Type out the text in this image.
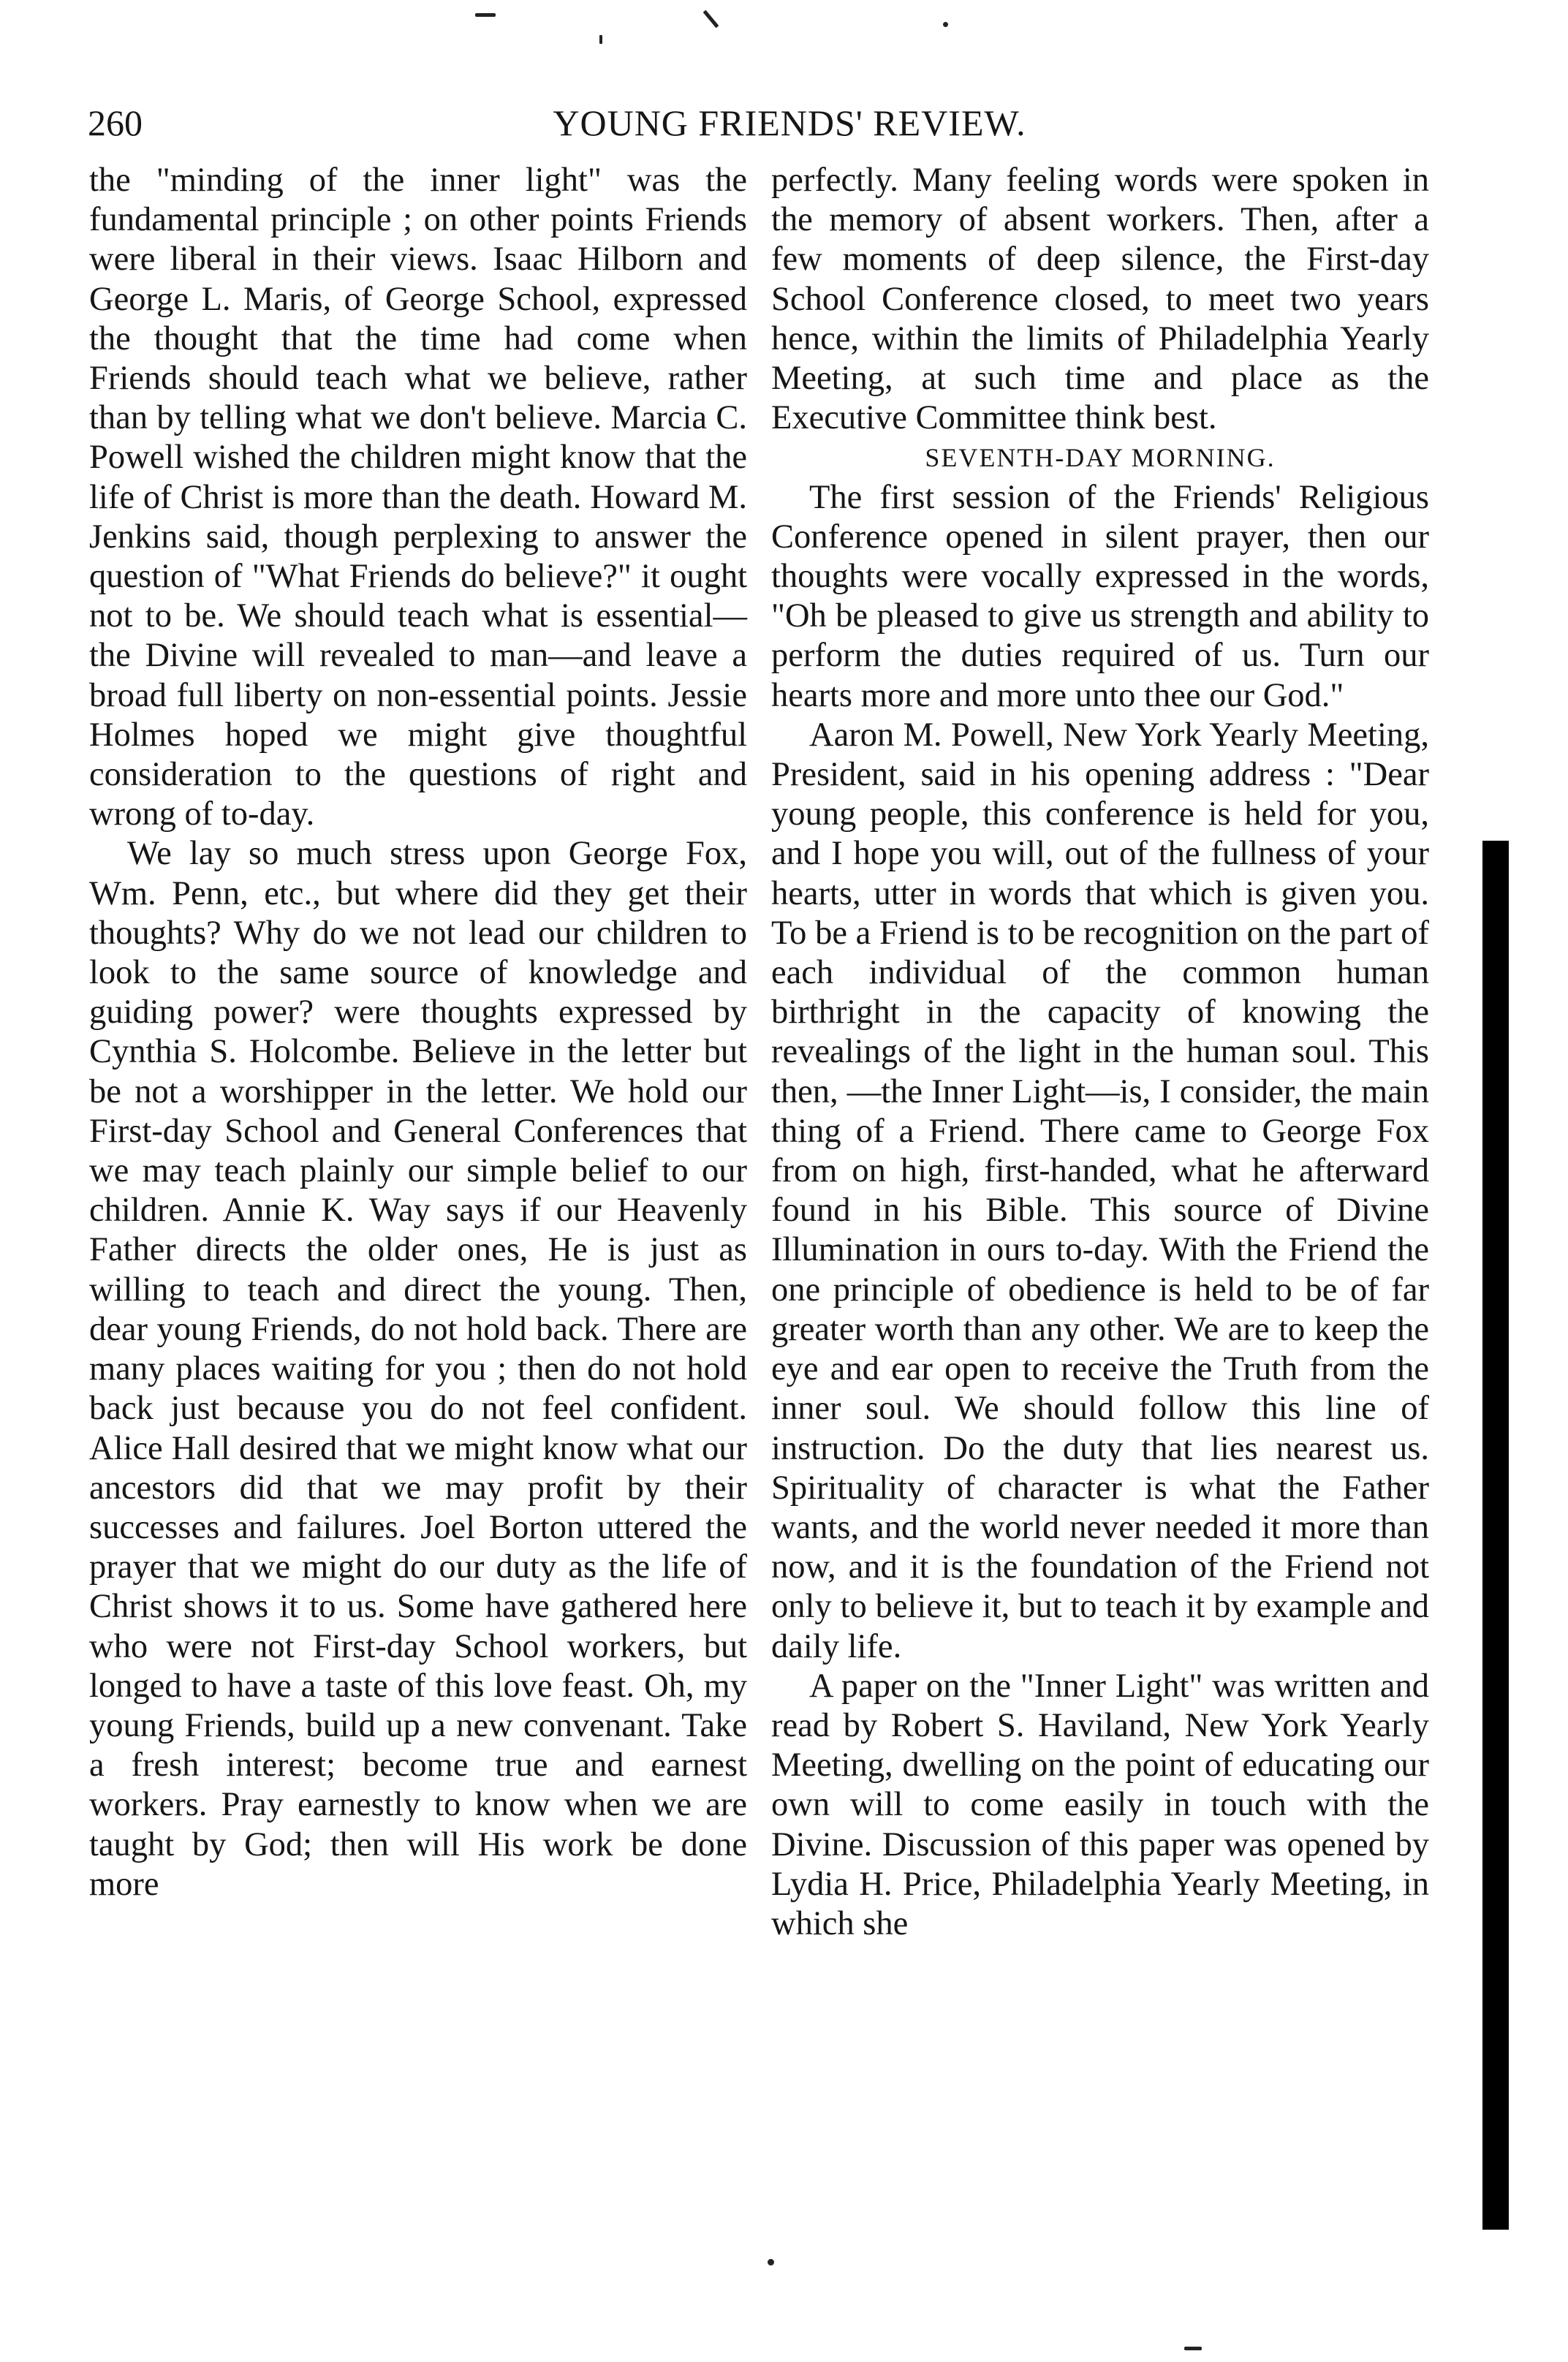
260	YOUNG FRIENDS' REVIEW.

the "minding of the inner light" was the fundamental principle ; on other points Friends were liberal in their views. Isaac Hilborn and George L. Maris, of George School, expressed the thought that the time had come when Friends should teach what we believe, rather than by telling what we don't believe. Marcia C. Powell wished the children might know that the life of Christ is more than the death. Howard M. Jenkins said, though perplexing to answer the question of "What Friends do believe?" it ought not to be. We should teach what is essential—the Divine will revealed to man—and leave a broad full liberty on non-essential points. Jessie Holmes hoped we might give thoughtful consideration to the questions of right and wrong of to-day.

We lay so much stress upon George Fox, Wm. Penn, etc., but where did they get their thoughts? Why do we not lead our children to look to the same source of knowledge and guiding power? were thoughts expressed by Cynthia S. Holcombe. Believe in the letter but be not a worshipper in the letter. We hold our First-day School and General Conferences that we may teach plainly our simple belief to our children. Annie K. Way says if our Heavenly Father directs the older ones, He is just as willing to teach and direct the young. Then, dear young Friends, do not hold back. There are many places waiting for you ; then do not hold back just because you do not feel confident. Alice Hall desired that we might know what our ancestors did that we may profit by their successes and failures. Joel Borton uttered the prayer that we might do our duty as the life of Christ shows it to us. Some have gathered here who were not First-day School workers, but longed to have a taste of this love feast. Oh, my young Friends, build up a new convenant. Take a fresh interest; become true and earnest workers. Pray earnestly to know when we are taught by God; then will His work be done more

perfectly. Many feeling words were spoken in the memory of absent workers. Then, after a few moments of deep silence, the First-day School Conference closed, to meet two years hence, within the limits of Philadelphia Yearly Meeting, at such time and place as the Executive Committee think best.

SEVENTH-DAY MORNING.

The first session of the Friends' Religious Conference opened in silent prayer, then our thoughts were vocally expressed in the words, "Oh be pleased to give us strength and ability to perform the duties required of us. Turn our hearts more and more unto thee our God."

Aaron M. Powell, New York Yearly Meeting, President, said in his opening address : "Dear young people, this conference is held for you, and I hope you will, out of the fullness of your hearts, utter in words that which is given you. To be a Friend is to be recognition on the part of each individual of the common human birthright in the capacity of knowing the revealings of the light in the human soul. This then, —the Inner Light—is, I consider, the main thing of a Friend. There came to George Fox from on high, first-handed, what he afterward found in his Bible. This source of Divine Illumination in ours to-day. With the Friend the one principle of obedience is held to be of far greater worth than any other. We are to keep the eye and ear open to receive the Truth from the inner soul. We should follow this line of instruction. Do the duty that lies nearest us. Spirituality of character is what the Father wants, and the world never needed it more than now, and it is the foundation of the Friend not only to believe it, but to teach it by example and daily life.

A paper on the "Inner Light" was written and read by Robert S. Haviland, New York Yearly Meeting, dwelling on the point of educating our own will to come easily in touch with the Divine. Discussion of this paper was opened by Lydia H. Price, Philadelphia Yearly Meeting, in which she
